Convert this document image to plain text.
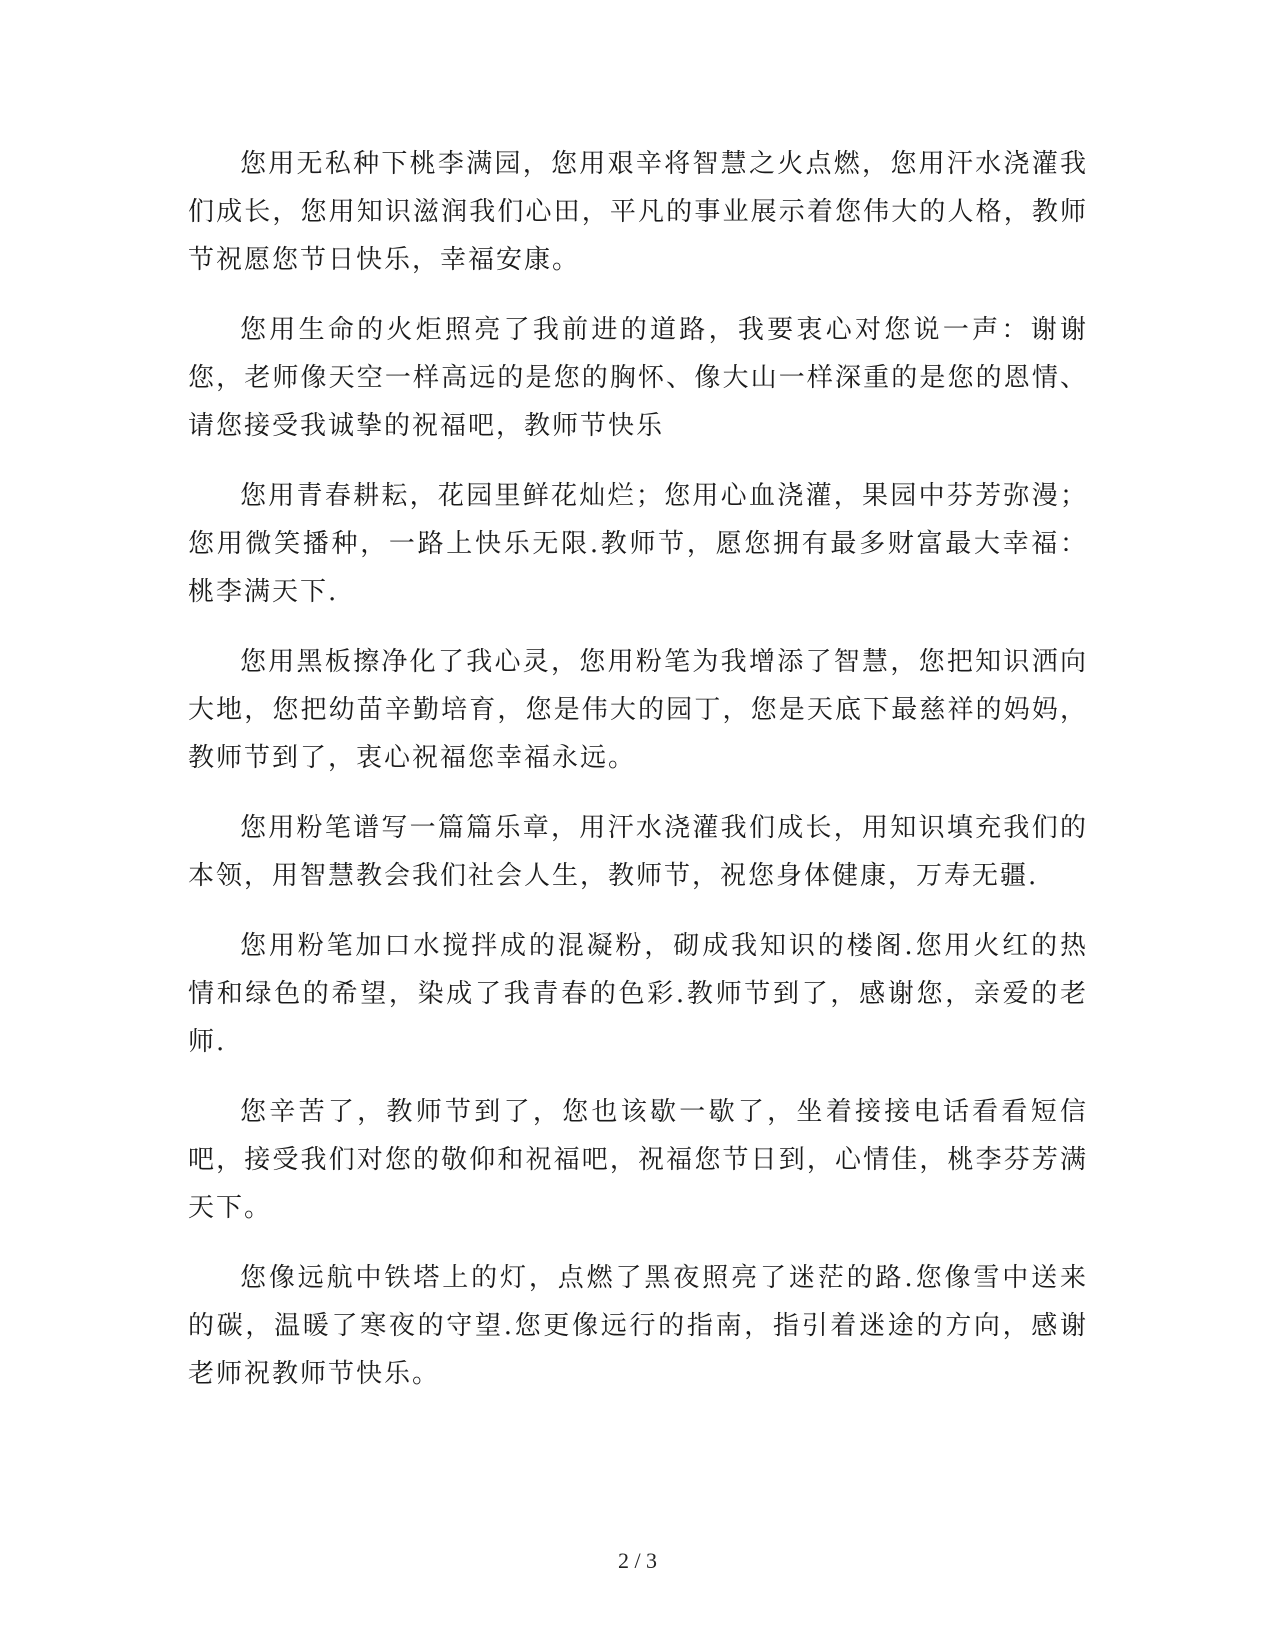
您用无私种下桃李满园，您用艰辛将智慧之火点燃，您用汗水浇灌我们成长，您用知识滋润我们心田，平凡的事业展示着您伟大的人格，教师节祝愿您节日快乐，幸福安康。

您用生命的火炬照亮了我前进的道路，我要衷心对您说一声：谢谢您，老师像天空一样高远的是您的胸怀、像大山一样深重的是您的恩情、请您接受我诚挚的祝福吧，教师节快乐

您用青春耕耘，花园里鲜花灿烂；您用心血浇灌，果园中芬芳弥漫；您用微笑播种，一路上快乐无限.教师节，愿您拥有最多财富最大幸福：桃李满天下.

您用黑板擦净化了我心灵，您用粉笔为我增添了智慧，您把知识洒向大地，您把幼苗辛勤培育，您是伟大的园丁，您是天底下最慈祥的妈妈，教师节到了，衷心祝福您幸福永远。

您用粉笔谱写一篇篇乐章，用汗水浇灌我们成长，用知识填充我们的本领，用智慧教会我们社会人生，教师节，祝您身体健康，万寿无疆.

您用粉笔加口水搅拌成的混凝粉，砌成我知识的楼阁.您用火红的热情和绿色的希望，染成了我青春的色彩.教师节到了，感谢您，亲爱的老师.

您辛苦了，教师节到了，您也该歇一歇了，坐着接接电话看看短信吧，接受我们对您的敬仰和祝福吧，祝福您节日到，心情佳，桃李芬芳满天下。

您像远航中铁塔上的灯，点燃了黑夜照亮了迷茫的路.您像雪中送来的碳，温暖了寒夜的守望.您更像远行的指南，指引着迷途的方向，感谢老师祝教师节快乐。

2 / 3
